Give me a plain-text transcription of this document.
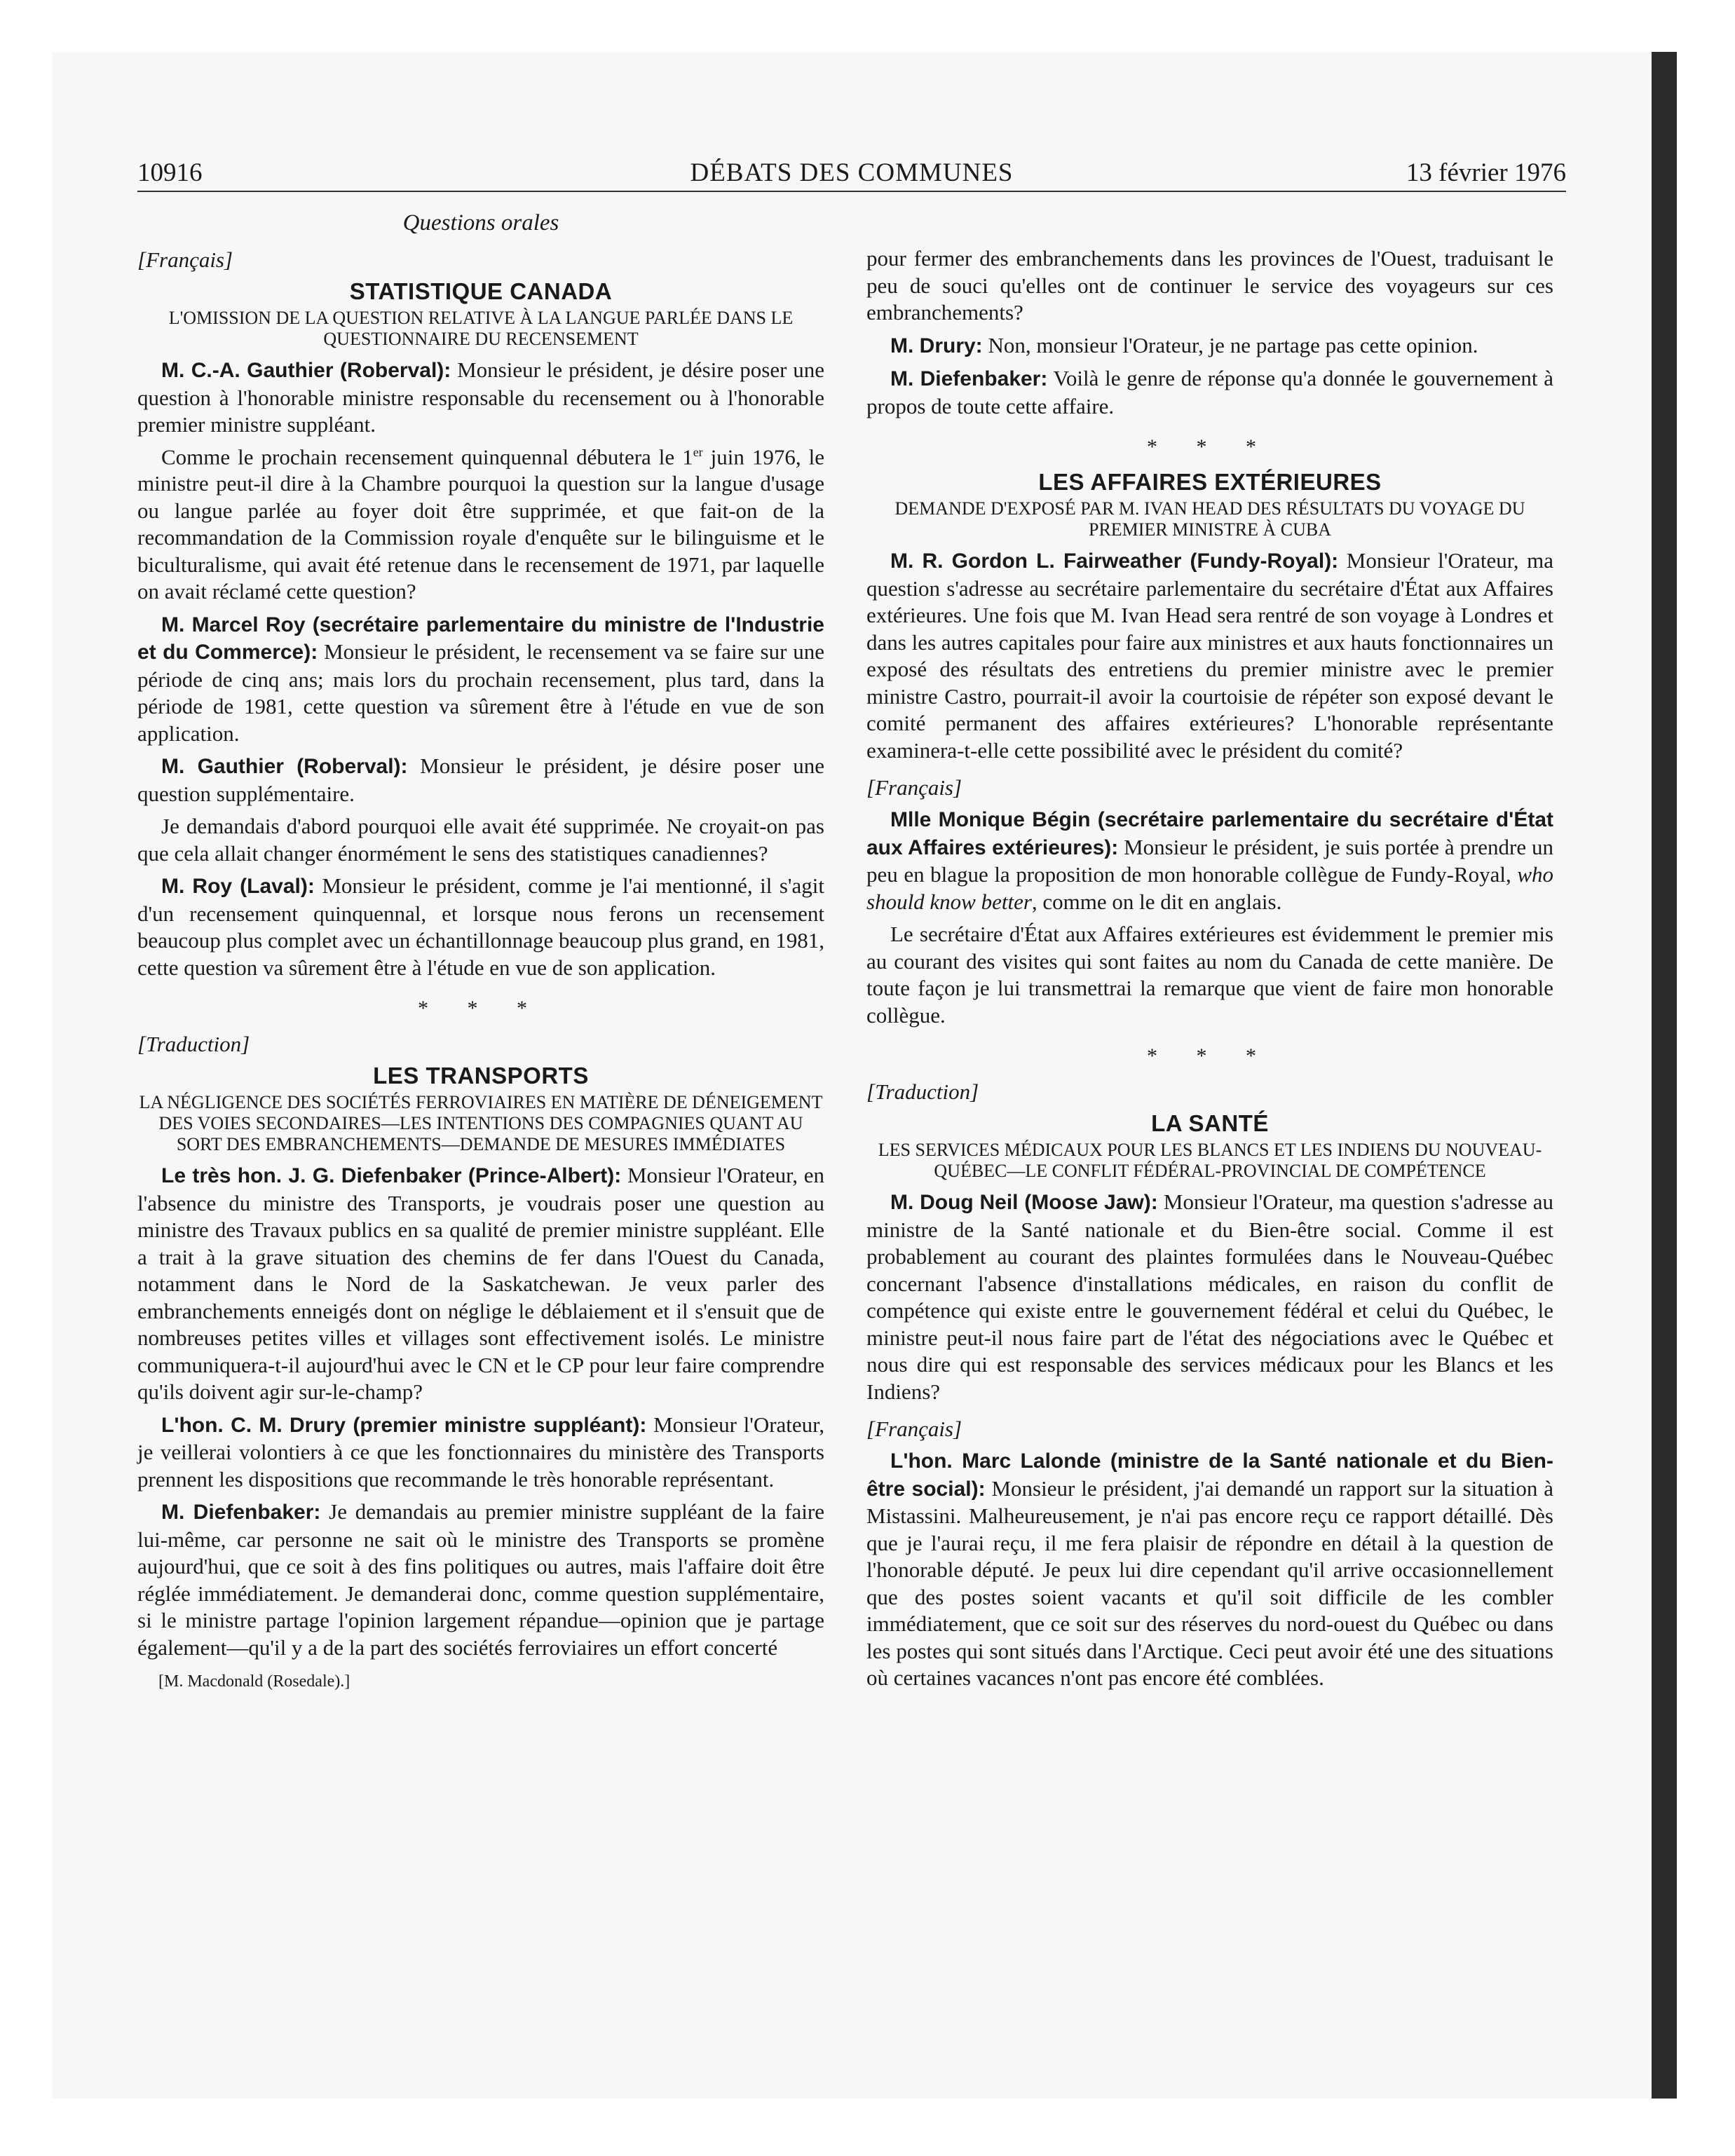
10916	DÉBATS DES COMMUNES	13 février 1976
Questions orales
[Français]
STATISTIQUE CANADA
L'OMISSION DE LA QUESTION RELATIVE À LA LANGUE PARLÉE DANS LE QUESTIONNAIRE DU RECENSEMENT

M. C.-A. Gauthier (Roberval): Monsieur le président, je désire poser une question à l'honorable ministre responsable du recensement ou à l'honorable premier ministre suppléant.

Comme le prochain recensement quinquennal débutera le 1er juin 1976, le ministre peut-il dire à la Chambre pourquoi la question sur la langue d'usage ou langue parlée au foyer doit être supprimée, et que fait-on de la recommandation de la Commission royale d'enquête sur le bilinguisme et le biculturalisme, qui avait été retenue dans le recensement de 1971, par laquelle on avait réclamé cette question?

M. Marcel Roy (secrétaire parlementaire du ministre de l'Industrie et du Commerce): Monsieur le président, le recensement va se faire sur une période de cinq ans; mais lors du prochain recensement, plus tard, dans la période de 1981, cette question va sûrement être à l'étude en vue de son application.

M. Gauthier (Roberval): Monsieur le président, je désire poser une question supplémentaire.

Je demandais d'abord pourquoi elle avait été supprimée. Ne croyait-on pas que cela allait changer énormément le sens des statistiques canadiennes?

M. Roy (Laval): Monsieur le président, comme je l'ai mentionné, il s'agit d'un recensement quinquennal, et lorsque nous ferons un recensement beaucoup plus complet avec un échantillonnage beaucoup plus grand, en 1981, cette question va sûrement être à l'étude en vue de son application.

* * *
[Traduction]
LES TRANSPORTS
LA NÉGLIGENCE DES SOCIÉTÉS FERROVIAIRES EN MATIÈRE DE DÉNEIGEMENT DES VOIES SECONDAIRES—LES INTENTIONS DES COMPAGNIES QUANT AU SORT DES EMBRANCHEMENTS—DEMANDE DE MESURES IMMÉDIATES

Le très hon. J. G. Diefenbaker (Prince-Albert): Monsieur l'Orateur, en l'absence du ministre des Transports, je voudrais poser une question au ministre des Travaux publics en sa qualité de premier ministre suppléant. Elle a trait à la grave situation des chemins de fer dans l'Ouest du Canada, notamment dans le Nord de la Saskatchewan. Je veux parler des embranchements enneigés dont on néglige le déblaiement et il s'ensuit que de nombreuses petites villes et villages sont effectivement isolés. Le ministre communiquera-t-il aujourd'hui avec le CN et le CP pour leur faire comprendre qu'ils doivent agir sur-le-champ?

L'hon. C. M. Drury (premier ministre suppléant): Monsieur l'Orateur, je veillerai volontiers à ce que les fonctionnaires du ministère des Transports prennent les dispositions que recommande le très honorable représentant.

M. Diefenbaker: Je demandais au premier ministre suppléant de la faire lui-même, car personne ne sait où le ministre des Transports se promène aujourd'hui, que ce soit à des fins politiques ou autres, mais l'affaire doit être réglée immédiatement. Je demanderai donc, comme question supplémentaire, si le ministre partage l'opinion largement répandue—opinion que je partage également—qu'il y a de la part des sociétés ferroviaires un effort concerté

[M. Macdonald (Rosedale).]

pour fermer des embranchements dans les provinces de l'Ouest, traduisant le peu de souci qu'elles ont de continuer le service des voyageurs sur ces embranchements?

M. Drury: Non, monsieur l'Orateur, je ne partage pas cette opinion.

M. Diefenbaker: Voilà le genre de réponse qu'a donnée le gouvernement à propos de toute cette affaire.

* * *
LES AFFAIRES EXTÉRIEURES
DEMANDE D'EXPOSÉ PAR M. IVAN HEAD DES RÉSULTATS DU VOYAGE DU PREMIER MINISTRE À CUBA

M. R. Gordon L. Fairweather (Fundy-Royal): Monsieur l'Orateur, ma question s'adresse au secrétaire parlementaire du secrétaire d'État aux Affaires extérieures. Une fois que M. Ivan Head sera rentré de son voyage à Londres et dans les autres capitales pour faire aux ministres et aux hauts fonctionnaires un exposé des résultats des entretiens du premier ministre avec le premier ministre Castro, pourrait-il avoir la courtoisie de répéter son exposé devant le comité permanent des affaires extérieures? L'honorable représentante examinera-t-elle cette possibilité avec le président du comité?

[Français]

Mlle Monique Bégin (secrétaire parlementaire du secrétaire d'État aux Affaires extérieures): Monsieur le président, je suis portée à prendre un peu en blague la proposition de mon honorable collègue de Fundy-Royal, who should know better, comme on le dit en anglais.

Le secrétaire d'État aux Affaires extérieures est évidemment le premier mis au courant des visites qui sont faites au nom du Canada de cette manière. De toute façon je lui transmettrai la remarque que vient de faire mon honorable collègue.

* * *
[Traduction]
LA SANTÉ
LES SERVICES MÉDICAUX POUR LES BLANCS ET LES INDIENS DU NOUVEAU-QUÉBEC—LE CONFLIT FÉDÉRAL-PROVINCIAL DE COMPÉTENCE

M. Doug Neil (Moose Jaw): Monsieur l'Orateur, ma question s'adresse au ministre de la Santé nationale et du Bien-être social. Comme il est probablement au courant des plaintes formulées dans le Nouveau-Québec concernant l'absence d'installations médicales, en raison du conflit de compétence qui existe entre le gouvernement fédéral et celui du Québec, le ministre peut-il nous faire part de l'état des négociations avec le Québec et nous dire qui est responsable des services médicaux pour les Blancs et les Indiens?

[Français]

L'hon. Marc Lalonde (ministre de la Santé nationale et du Bien-être social): Monsieur le président, j'ai demandé un rapport sur la situation à Mistassini. Malheureusement, je n'ai pas encore reçu ce rapport détaillé. Dès que je l'aurai reçu, il me fera plaisir de répondre en détail à la question de l'honorable député. Je peux lui dire cependant qu'il arrive occasionnellement que des postes soient vacants et qu'il soit difficile de les combler immédiatement, que ce soit sur des réserves du nord-ouest du Québec ou dans les postes qui sont situés dans l'Arctique. Ceci peut avoir été une des situations où certaines vacances n'ont pas encore été comblées.
